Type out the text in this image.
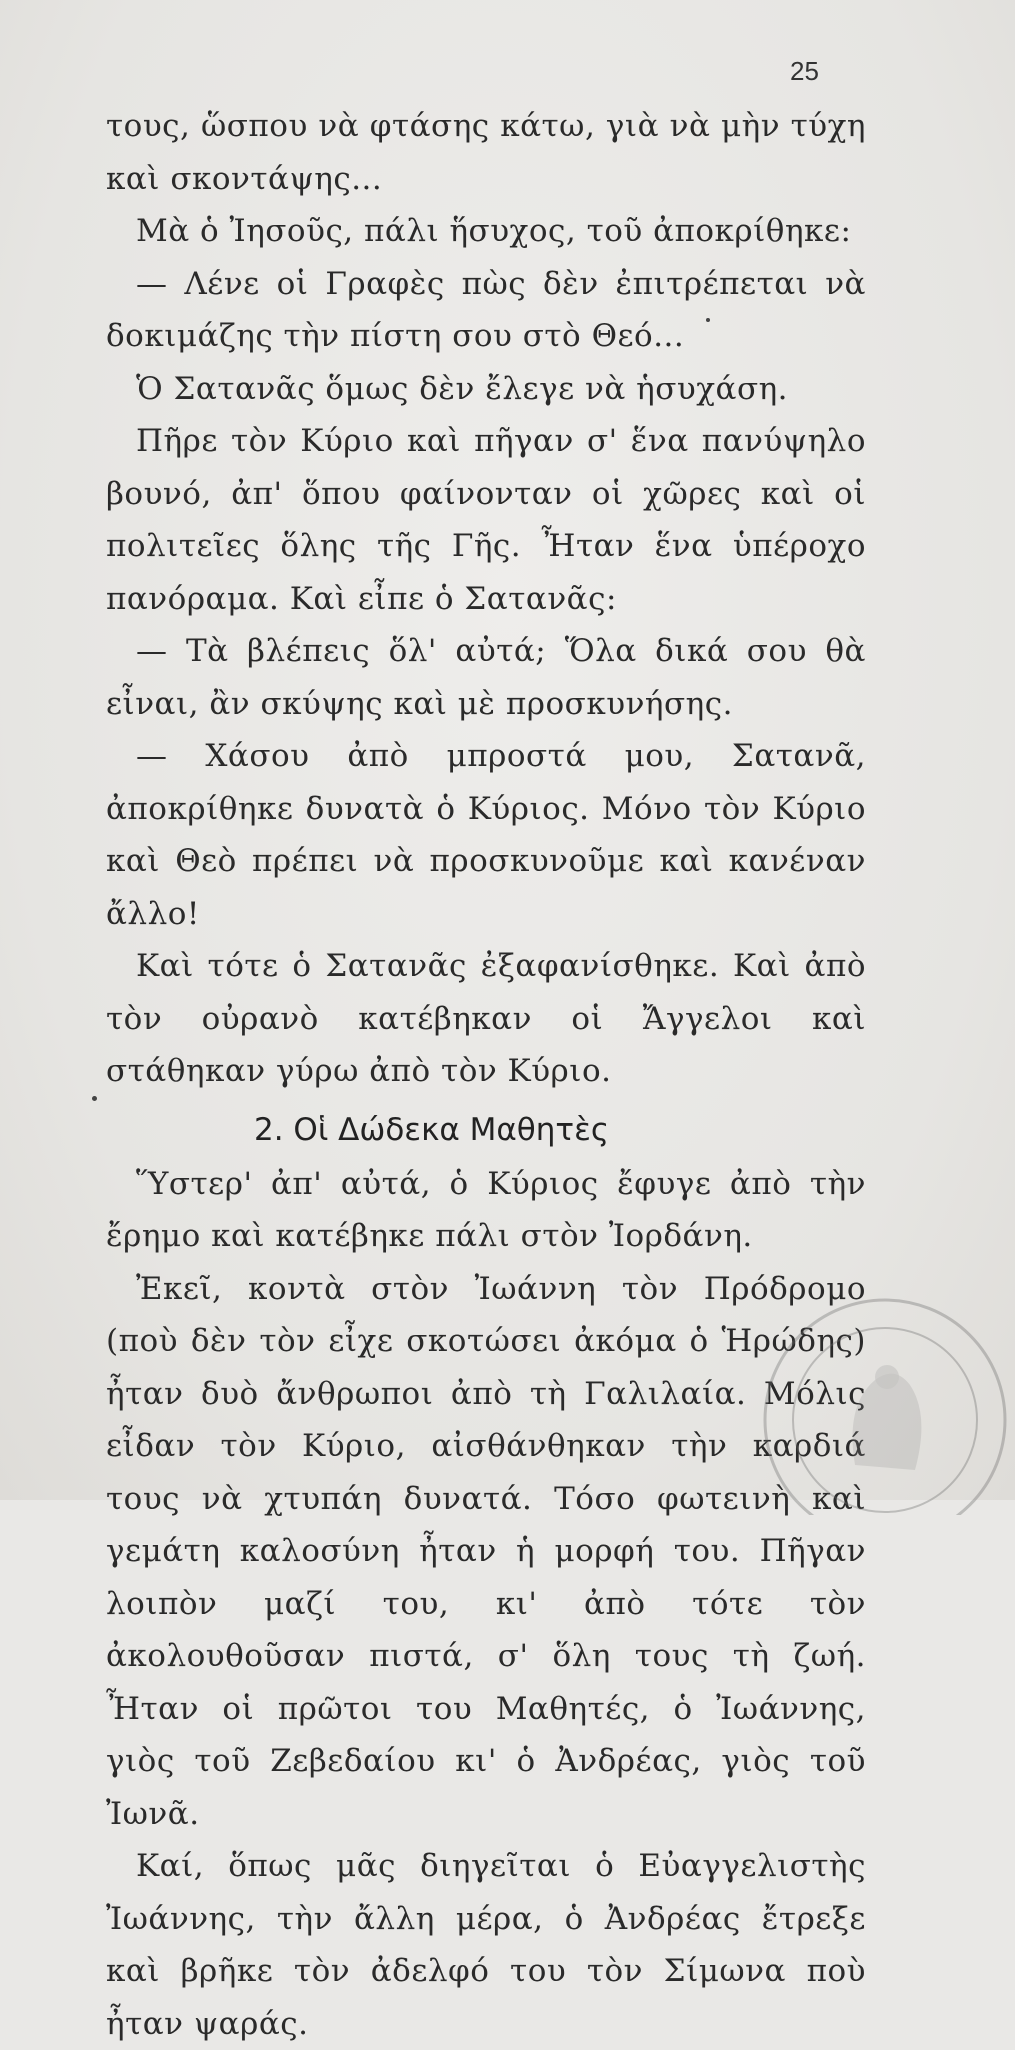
25

τους, ὥσπου νὰ φτάσης κάτω, γιὰ νὰ μὴν τύχη καὶ σκοντάψης...

Μὰ ὁ Ἰησοῦς, πάλι ἥσυχος, τοῦ ἀποκρίθηκε:

— Λένε οἱ Γραφὲς πὼς δὲν ἐπιτρέπεται νὰ δοκιμάζης τὴν πίστη σου στὸ Θεό...

Ὁ Σατανᾶς ὅμως δὲν ἔλεγε νὰ ἡσυχάση.

Πῆρε τὸν Κύριο καὶ πῆγαν σ' ἕνα πανύψηλο βουνό, ἀπ' ὅπου φαίνονταν οἱ χῶρες καὶ οἱ πολιτεῖες ὅλης τῆς Γῆς. Ἦταν ἕνα ὑπέροχο πανόραμα. Καὶ εἶπε ὁ Σατανᾶς:

— Τὰ βλέπεις ὅλ' αὐτά; Ὅλα δικά σου θὰ εἶναι, ἂν σκύψης καὶ μὲ προσκυνήσης.

— Χάσου ἀπὸ μπροστά μου, Σατανᾶ, ἀποκρίθηκε δυνατὰ ὁ Κύριος. Μόνο τὸν Κύριο καὶ Θεὸ πρέπει νὰ προσκυνοῦμε καὶ κανέναν ἄλλο!

Καὶ τότε ὁ Σατανᾶς ἐξαφανίσθηκε. Καὶ ἀπὸ τὸν οὐρανὸ κατέβηκαν οἱ Ἄγγελοι καὶ στάθηκαν γύρω ἀπὸ τὸν Κύριο.

2. Οἱ Δώδεκα Μαθητὲς

Ὕστερ' ἀπ' αὐτά, ὁ Κύριος ἔφυγε ἀπὸ τὴν ἔρημο καὶ κατέβηκε πάλι στὸν Ἰορδάνη.

Ἐκεῖ, κοντὰ στὸν Ἰωάννη τὸν Πρόδρομο (ποὺ δὲν τὸν εἶχε σκοτώσει ἀκόμα ὁ Ἡρώδης) ἦταν δυὸ ἄνθρωποι ἀπὸ τὴ Γαλιλαία. Μόλις εἶδαν τὸν Κύριο, αἰσθάνθηκαν τὴν καρδιά τους νὰ χτυπάη δυνατά. Τόσο φωτεινὴ καὶ γεμάτη καλοσύνη ἦταν ἡ μορφή του. Πῆγαν λοιπὸν μαζί του, κι' ἀπὸ τότε τὸν ἀκολουθοῦσαν πιστά, σ' ὅλη τους τὴ ζωή. Ἦταν οἱ πρῶτοι του Μαθητές, ὁ Ἰωάννης, γιὸς τοῦ Ζεβεδαίου κι' ὁ Ἀνδρέας, γιὸς τοῦ Ἰωνᾶ.

Καί, ὅπως μᾶς διηγεῖται ὁ Εὐαγγελιστὴς Ἰωάννης, τὴν ἄλλη μέρα, ὁ Ἀνδρέας ἔτρεξε καὶ βρῆκε τὸν ἀδελφό του τὸν Σίμωνα ποὺ ἦταν ψαράς.
